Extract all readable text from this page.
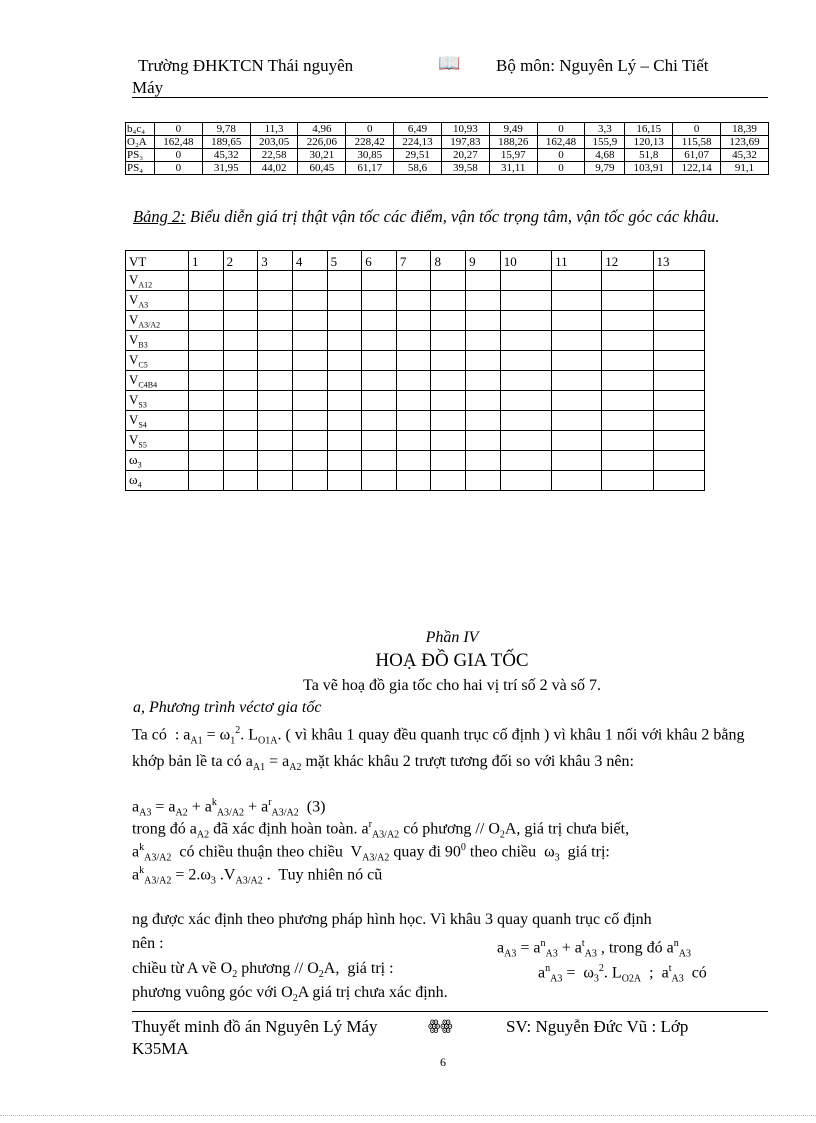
Trường ĐHKTCN Thái nguyên	📖 Bộ môn: Nguyên Lý – Chi Tiết
Máy
b₄c₄	0	9,78	11,3	4,96	0	6,49	10,93	9,49	0	3,3	16,15	0	18,39
O₂A	162,48	189,65	203,05	226,06	228,42	224,13	197,83	188,26	162,48	155,9	120,13	115,58	123,69
PS₃	0	45,32	22,58	30,21	30,85	29,51	20,27	15,97	0	4,68	51,8	61,07	45,32
PS₄	0	31,95	44,02	60,45	61,17	58,6	39,58	31,11	0	9,79	103,91	122,14	91,1
Bảng 2: Biểu diễn giá trị thật vận tốc các điểm, vận tốc trọng tâm, vận tốc góc các khâu.
VT	1	2	3	4	5	6	7	8	9	10	11	12	13
$V_{A12}$													
$V_{A3}$													
$V_{A3/A2}$													
$V_{B3}$													
$V_{C5}$													
$V_{C4B4}$													
$V_{S3}$													
$V_{S4}$													
$V_{S5}$													
$\omega_3$													
$\omega_4$													
Phần IV
HOẠ ĐỒ GIA TỐC
Ta vẽ hoạ đồ gia tốc cho hai vị trí số 2 và số 7.
a, Phương trình véctơ gia tốc
Ta có  : $a_{A1} = \omega_1^2$. $L_{O1A}$. ( vì khâu 1 quay đều quanh trục cố định ) vì khâu 1 nối với khâu 2 bằng khớp bản lề ta có $a_{A1} = a_{A2}$ mặt khác khâu 2 trượt tương đối so với khâu 3 nên:
$a_{A3} = a_{A2} + a^k_{A3/A2} + a^r_{A3/A2}$  (3)
trong đó $a_{A2}$ đã xác định hoàn toàn. $a^r_{A3/A2}$ có phương // $O_2A$, giá trị chưa biết,
$a^k_{A3/A2}$  có chiều thuận theo chiều  $V_{A3/A2}$ quay đi $90^0$ theo chiều  $\omega_3$  giá trị:
$a^k_{A3/A2} = 2.\omega_3$ $.V_{A3/A2}$ .  Tuy nhiên nó cũ
ng được xác định theo phương pháp hình học. Vì khâu 3 quay quanh trục cố định
nên :	$a_{A3} = a^n_{A3} + a^t_{A3}$ , trong đó $a^n_{A3}$
chiều từ A về $O_2$ phương // $O_2A$,  giá trị :	$a^n_{A3} = \omega_3^2$. $L_{O2A}$  ;  $a^t_{A3}$  có
phương vuông góc với $O_2A$ giá trị chưa xác định.
Thuyết minh đồ án Nguyên Lý Máy	ꙮꙮ	SV: Nguyễn Đức Vũ : Lớp
K35MA
6
